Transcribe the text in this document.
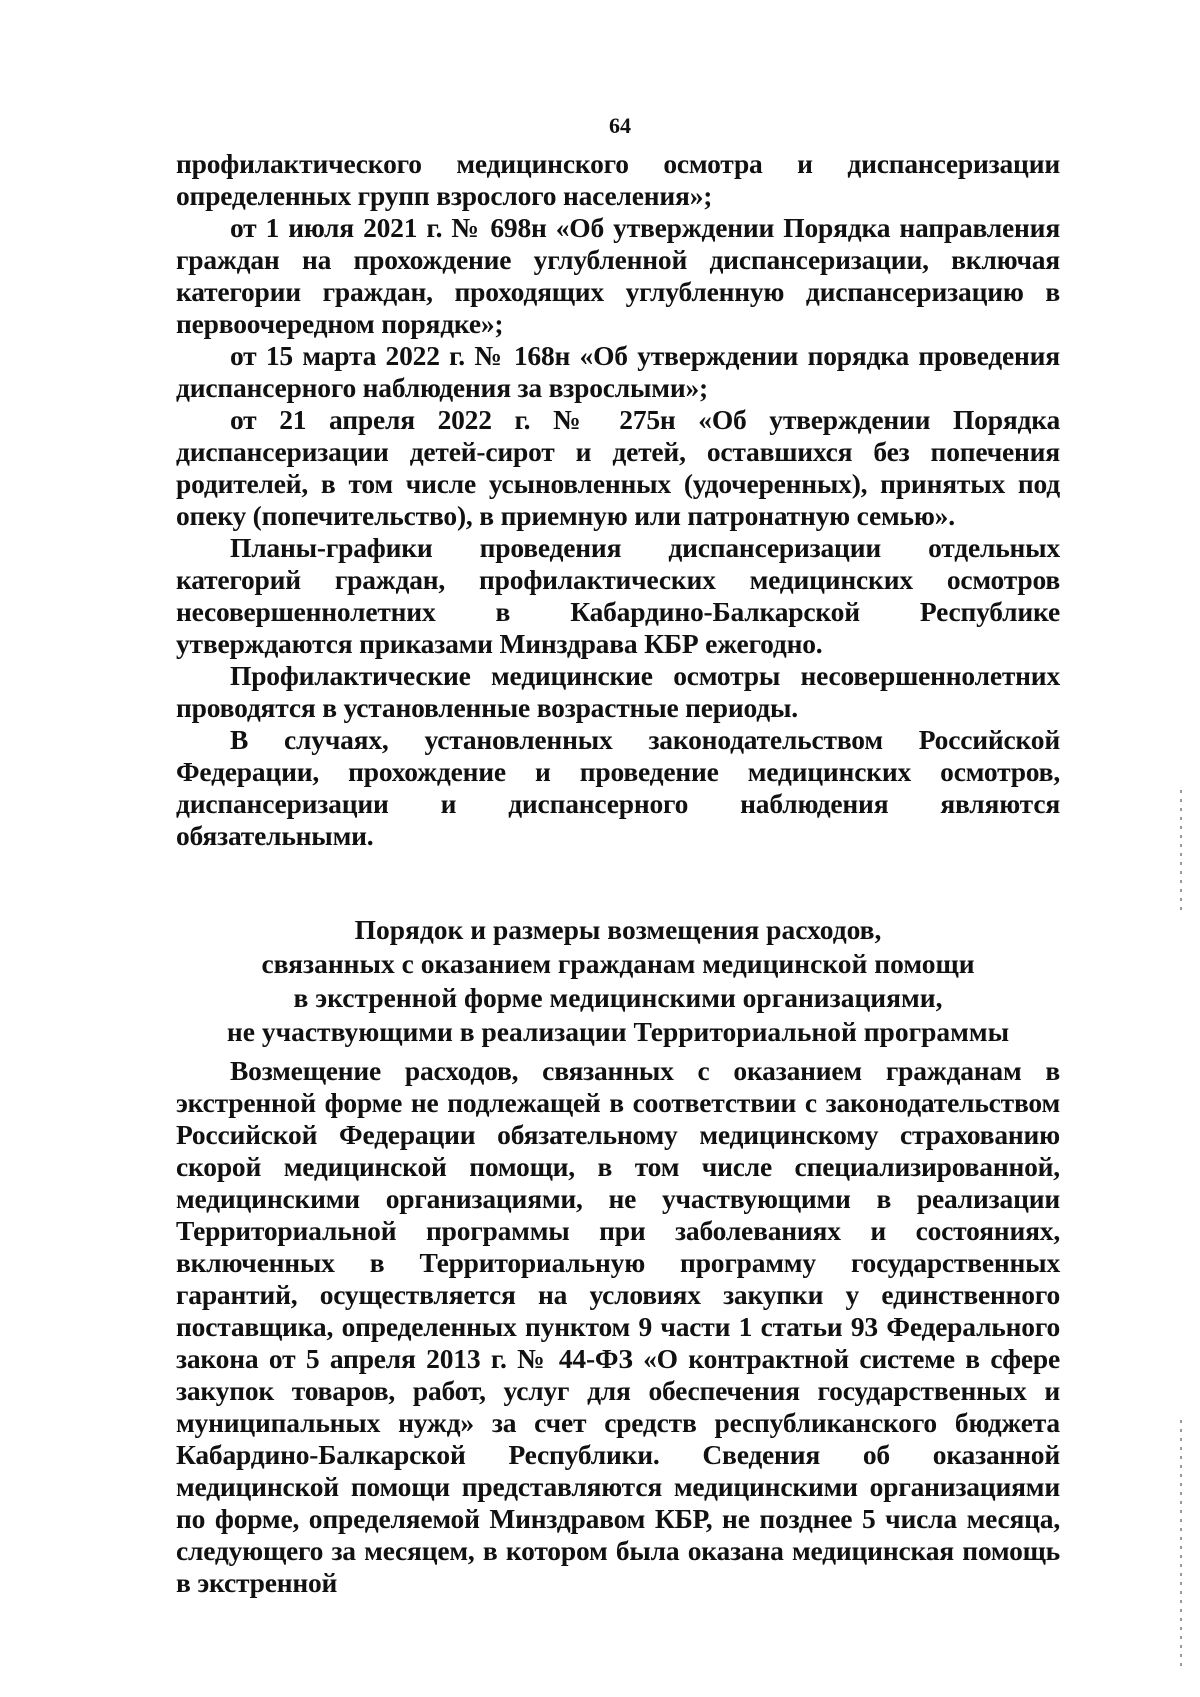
64

профилактического медицинского осмотра и диспансеризации определенных групп взрослого населения»;

от 1 июля 2021 г. № 698н «Об утверждении Порядка направления граждан на прохождение углубленной диспансеризации, включая категории граждан, проходящих углубленную диспансеризацию в первоочередном порядке»;

от 15 марта 2022 г. № 168н «Об утверждении порядка проведения диспансерного наблюдения за взрослыми»;

от 21 апреля 2022 г. № 275н «Об утверждении Порядка диспансеризации детей-сирот и детей, оставшихся без попечения родителей, в том числе усыновленных (удочеренных), принятых под опеку (попечительство), в приемную или патронатную семью».

Планы-графики проведения диспансеризации отдельных категорий граждан, профилактических медицинских осмотров несовершеннолетних в Кабардино-Балкарской Республике утверждаются приказами Минздрава КБР ежегодно.

Профилактические медицинские осмотры несовершеннолетних проводятся в установленные возрастные периоды.

В случаях, установленных законодательством Российской Федерации, прохождение и проведение медицинских осмотров, диспансеризации и диспансерного наблюдения являются обязательными.

Порядок и размеры возмещения расходов,
связанных с оказанием гражданам медицинской помощи
в экстренной форме медицинскими организациями,
не участвующими в реализации Территориальной программы

Возмещение расходов, связанных с оказанием гражданам в экстренной форме не подлежащей в соответствии с законодательством Российской Федерации обязательному медицинскому страхованию скорой медицинской помощи, в том числе специализированной, медицинскими организациями, не участвующими в реализации Территориальной программы при заболеваниях и состояниях, включенных в Территориальную программу государственных гарантий, осуществляется на условиях закупки у единственного поставщика, определенных пунктом 9 части 1 статьи 93 Федерального закона от 5 апреля 2013 г. № 44-ФЗ «О контрактной системе в сфере закупок товаров, работ, услуг для обеспечения государственных и муниципальных нужд» за счет средств республиканского бюджета Кабардино-Балкарской Республики. Сведения об оказанной медицинской помощи представляются медицинскими организациями по форме, определяемой Минздравом КБР, не позднее 5 числа месяца, следующего за месяцем, в котором была оказана медицинская помощь в экстренной
